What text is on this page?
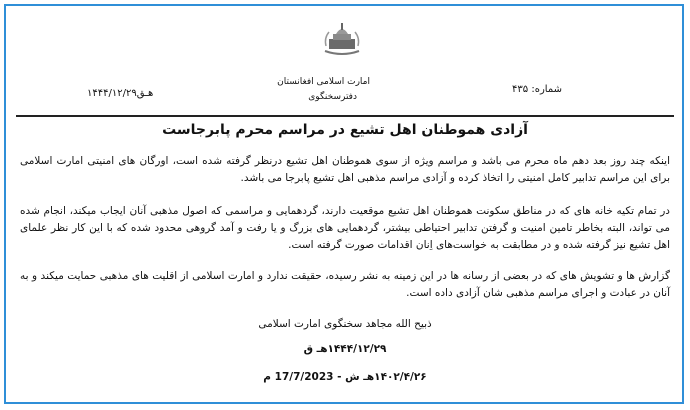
امارت اسلامی افغانستان
دفترسخنگوی
شماره: ۴۳۵
۱۴۴۴/۱۲/۲۹هـق
آزادی هموطنان اهل تشیع در مراسم محرم پابرجاست
اینکه چند روز بعد دهم ماه محرم می باشد و مراسم ویژه از سوی هموطنان اهل تشیع درنظر گرفته شده است، اورگان های امنیتی امارت اسلامی برای این مراسم تدابیر کامل امنیتی را اتخاذ کرده و آزادی مراسم مذهبی اهل تشیع پابرجا می باشد.
در تمام تکیه خانه های که در مناطق سکونت هموطنان اهل تشیع موقعیت دارند، گردهمایی و مراسمی که اصول مذهبی آنان ایجاب میکند، انجام شده می تواند، البته بخاطر تامین امنیت و گرفتن تدابیر احتیاطی بیشتر، گردهمایی های بزرگ و یا رفت و آمد گروهی محدود شده که با این کار نظر علمای اهل تشیع نیز گرفته شده و در مطابقت به خواست‌های اِنان اقدامات صورت گرفته است.
گزارش ها و تشویش های که در بعضی از رسانه ها در این زمینه به نشر رسیده، حقیقت ندارد و امارت اسلامی از اقلیت های مذهبی حمایت میکند و به آنان در عبادت و اجرای مراسم مذهبی شان آزادی داده است.
ذبیح الله مجاهد سخنگوی امارت اسلامی
۱۴۴۴/۱۲/۲۹هـ ق
۱۴۰۲/۴/۲۶هـ ش - 17/7/2023 م
